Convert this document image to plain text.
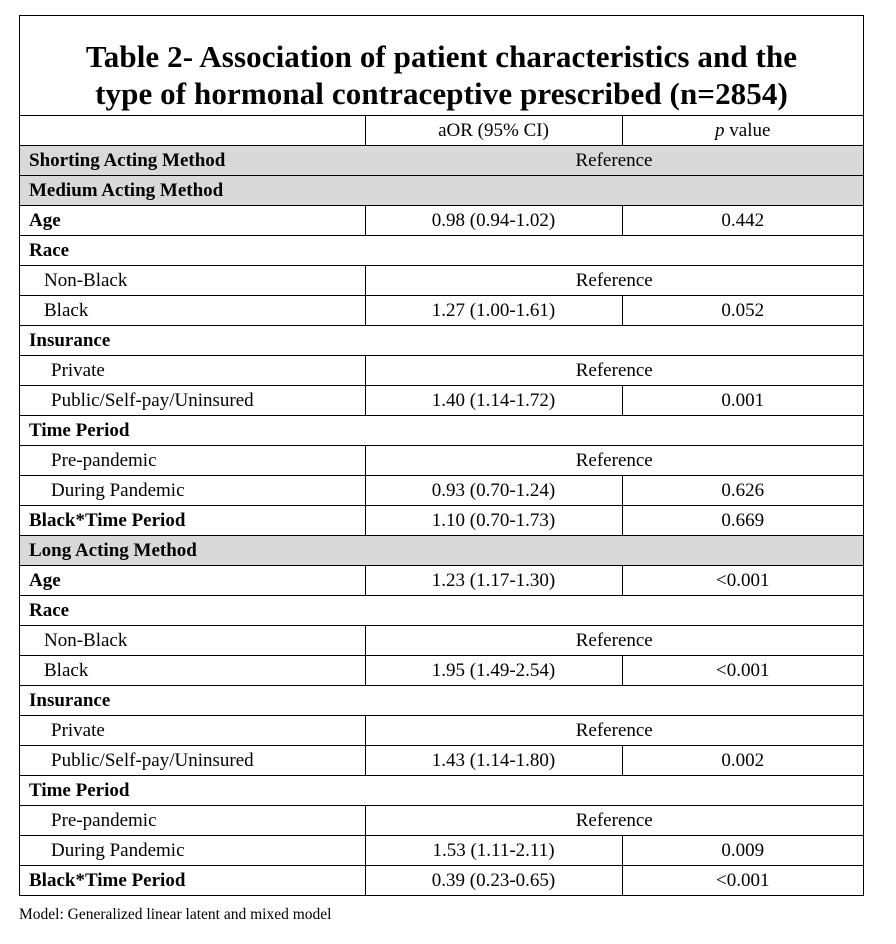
Table 2- Association of patient characteristics and the
type of hormonal contraceptive prescribed (n=2854)
	aOR (95% CI)	p value
Shorting Acting Method	Reference	
Medium Acting Method		
Age	0.98 (0.94-1.02)	0.442
Race		
Non-Black	Reference	
Black	1.27 (1.00-1.61)	0.052
Insurance		
Private	Reference	
Public/Self-pay/Uninsured	1.40 (1.14-1.72)	0.001
Time Period		
Pre-pandemic	Reference	
During Pandemic	0.93 (0.70-1.24)	0.626
Black*Time Period	1.10 (0.70-1.73)	0.669
Long Acting Method		
Age	1.23 (1.17-1.30)	<0.001
Race		
Non-Black	Reference	
Black	1.95 (1.49-2.54)	<0.001
Insurance		
Private	Reference	
Public/Self-pay/Uninsured	1.43 (1.14-1.80)	0.002
Time Period		
Pre-pandemic	Reference	
During Pandemic	1.53 (1.11-2.11)	0.009
Black*Time Period	0.39 (0.23-0.65)	<0.001
Model: Generalized linear latent and mixed model
